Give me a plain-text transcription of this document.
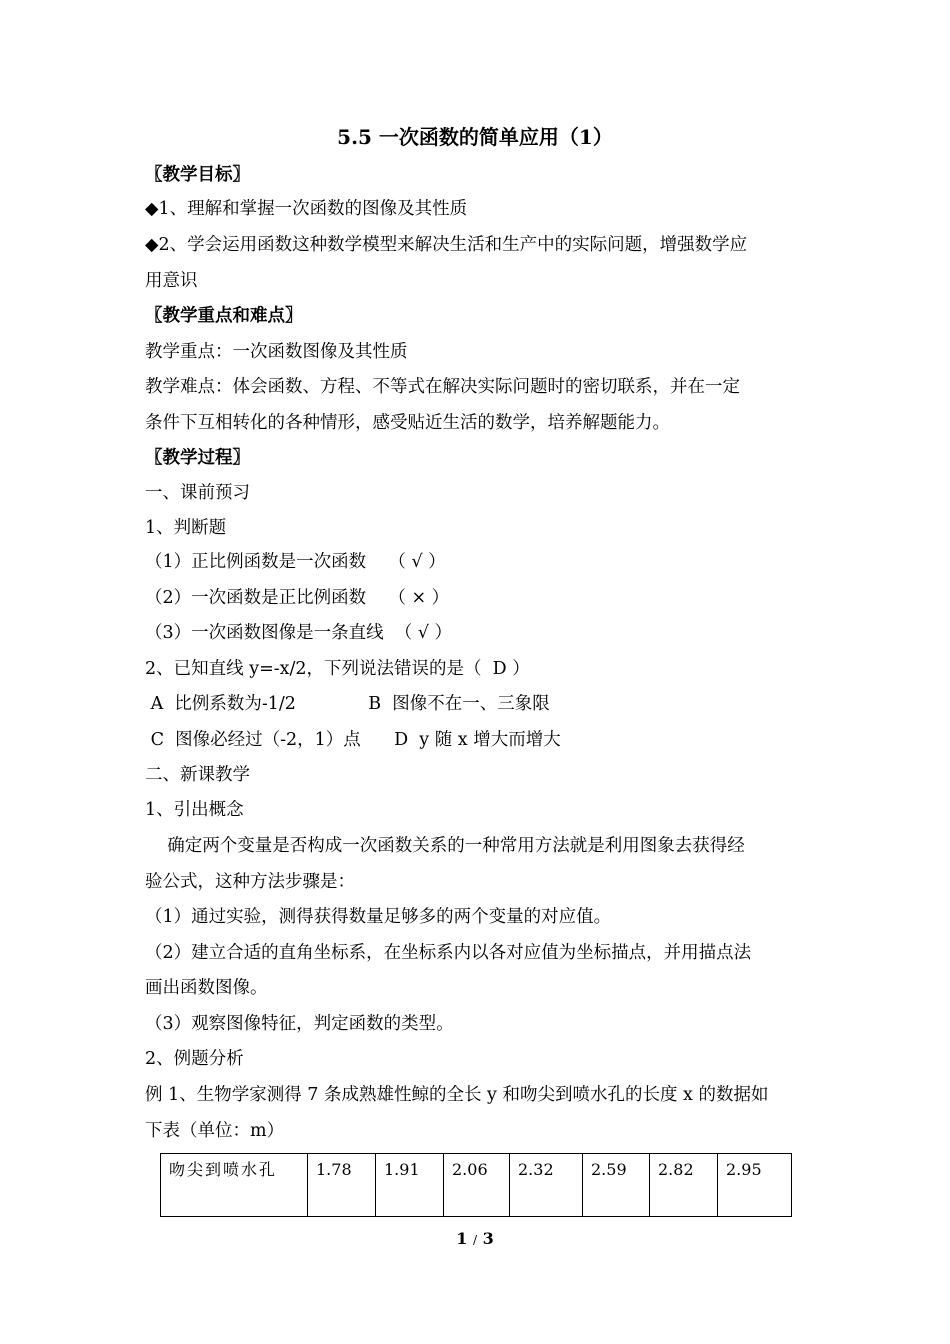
5.5 一次函数的简单应用（1）
〖教学目标〗
◆1、理解和掌握一次函数的图像及其性质
◆2、学会运用函数这种数学模型来解决生活和生产中的实际问题，增强数学应
用意识
〖教学重点和难点〗
教学重点：一次函数图像及其性质
教学难点：体会函数、方程、不等式在解决实际问题时的密切联系，并在一定
条件下互相转化的各种情形，感受贴近生活的数学，培养解题能力。
〖教学过程〗
一、课前预习
1、判断题
（1）正比例函数是一次函数    （ √ ）
（2）一次函数是正比例函数    （ × ）
（3）一次函数图像是一条直线  （ √ ）
2、已知直线 y=-x/2，下列说法错误的是（  D ）
A  比例系数为-1/2             B  图像不在一、三象限
C  图像必经过（-2，1）点      D  y 随 x 增大而增大
二、新课教学
1、引出概念
确定两个变量是否构成一次函数关系的一种常用方法就是利用图象去获得经
验公式，这种方法步骤是：
（1）通过实验，测得获得数量足够多的两个变量的对应值。
（2）建立合适的直角坐标系，在坐标系内以各对应值为坐标描点，并用描点法
画出函数图像。
（3）观察图像特征，判定函数的类型。
2、例题分析
例 1、生物学家测得 7 条成熟雄性鲸的全长 y 和吻尖到喷水孔的长度 x 的数据如
下表（单位：m）
吻尖到喷水孔	1.78	1.91	2.06	2.32	2.59	2.82	2.95
1 / 3
